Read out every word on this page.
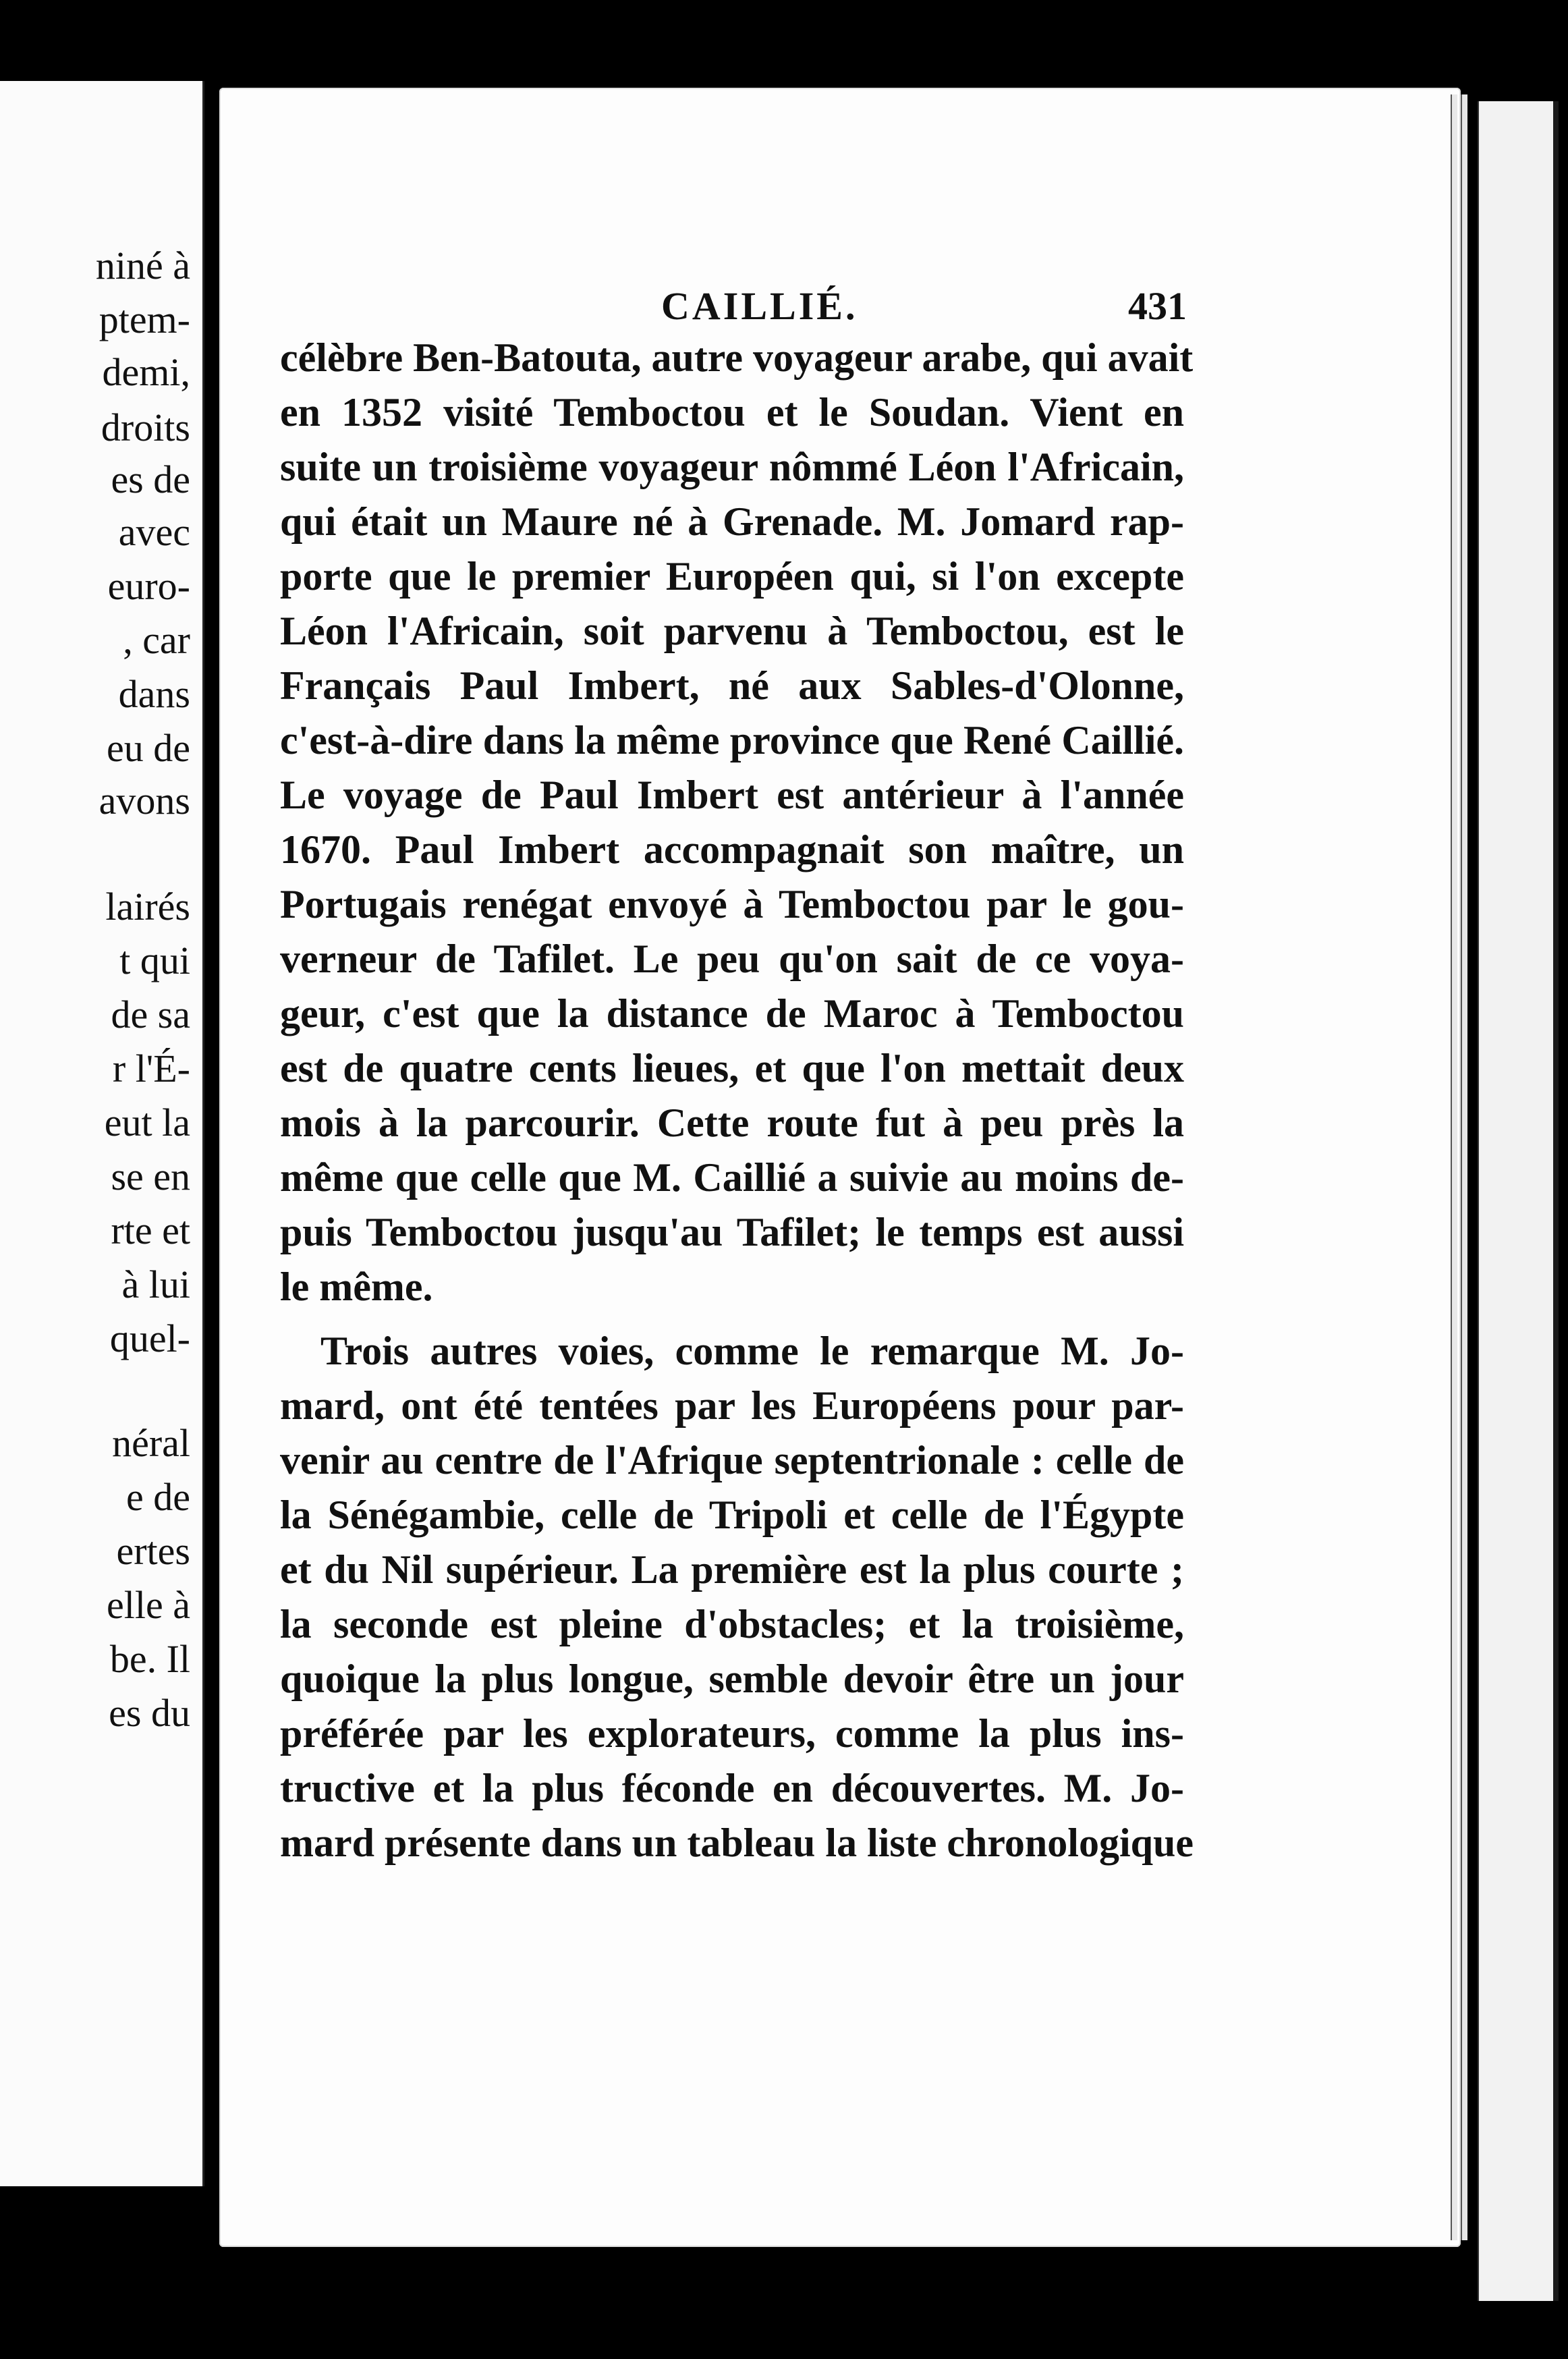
niné à
ptem-
demi,
droits
es de
avec
euro-
, car
dans
eu de
avons
lairés
t qui
de sa
r l'É-
eut la
se en
rte et
à lui
quel-
néral
e de
ertes
elle à
be. Il
es du
CAILLIÉ.	431
célèbre Ben-Batouta, autre voyageur arabe, qui avait
en 1352 visité Temboctou et le Soudan. Vient en
suite un troisième voyageur nômmé Léon l'Africain,
qui était un Maure né à Grenade. M. Jomard rap-
porte que le premier Européen qui, si l'on excepte
Léon l'Africain, soit parvenu à Temboctou, est le
Français Paul Imbert, né aux Sables-d'Olonne,
c'est-à-dire dans la même province que René Caillié.
Le voyage de Paul Imbert est antérieur à l'année
1670. Paul Imbert accompagnait son maître, un
Portugais renégat envoyé à Temboctou par le gou-
verneur de Tafilet. Le peu qu'on sait de ce voya-
geur, c'est que la distance de Maroc à Temboctou
est de quatre cents lieues, et que l'on mettait deux
mois à la parcourir. Cette route fut à peu près la
même que celle que M. Caillié a suivie au moins de-
puis Temboctou jusqu'au Tafilet; le temps est aussi
le même.
Trois autres voies, comme le remarque M. Jo-
mard, ont été tentées par les Européens pour par-
venir au centre de l'Afrique septentrionale : celle de
la Sénégambie, celle de Tripoli et celle de l'Égypte
et du Nil supérieur. La première est la plus courte ;
la seconde est pleine d'obstacles; et la troisième,
quoique la plus longue, semble devoir être un jour
préférée par les explorateurs, comme la plus ins-
tructive et la plus féconde en découvertes. M. Jo-
mard présente dans un tableau la liste chronologique
